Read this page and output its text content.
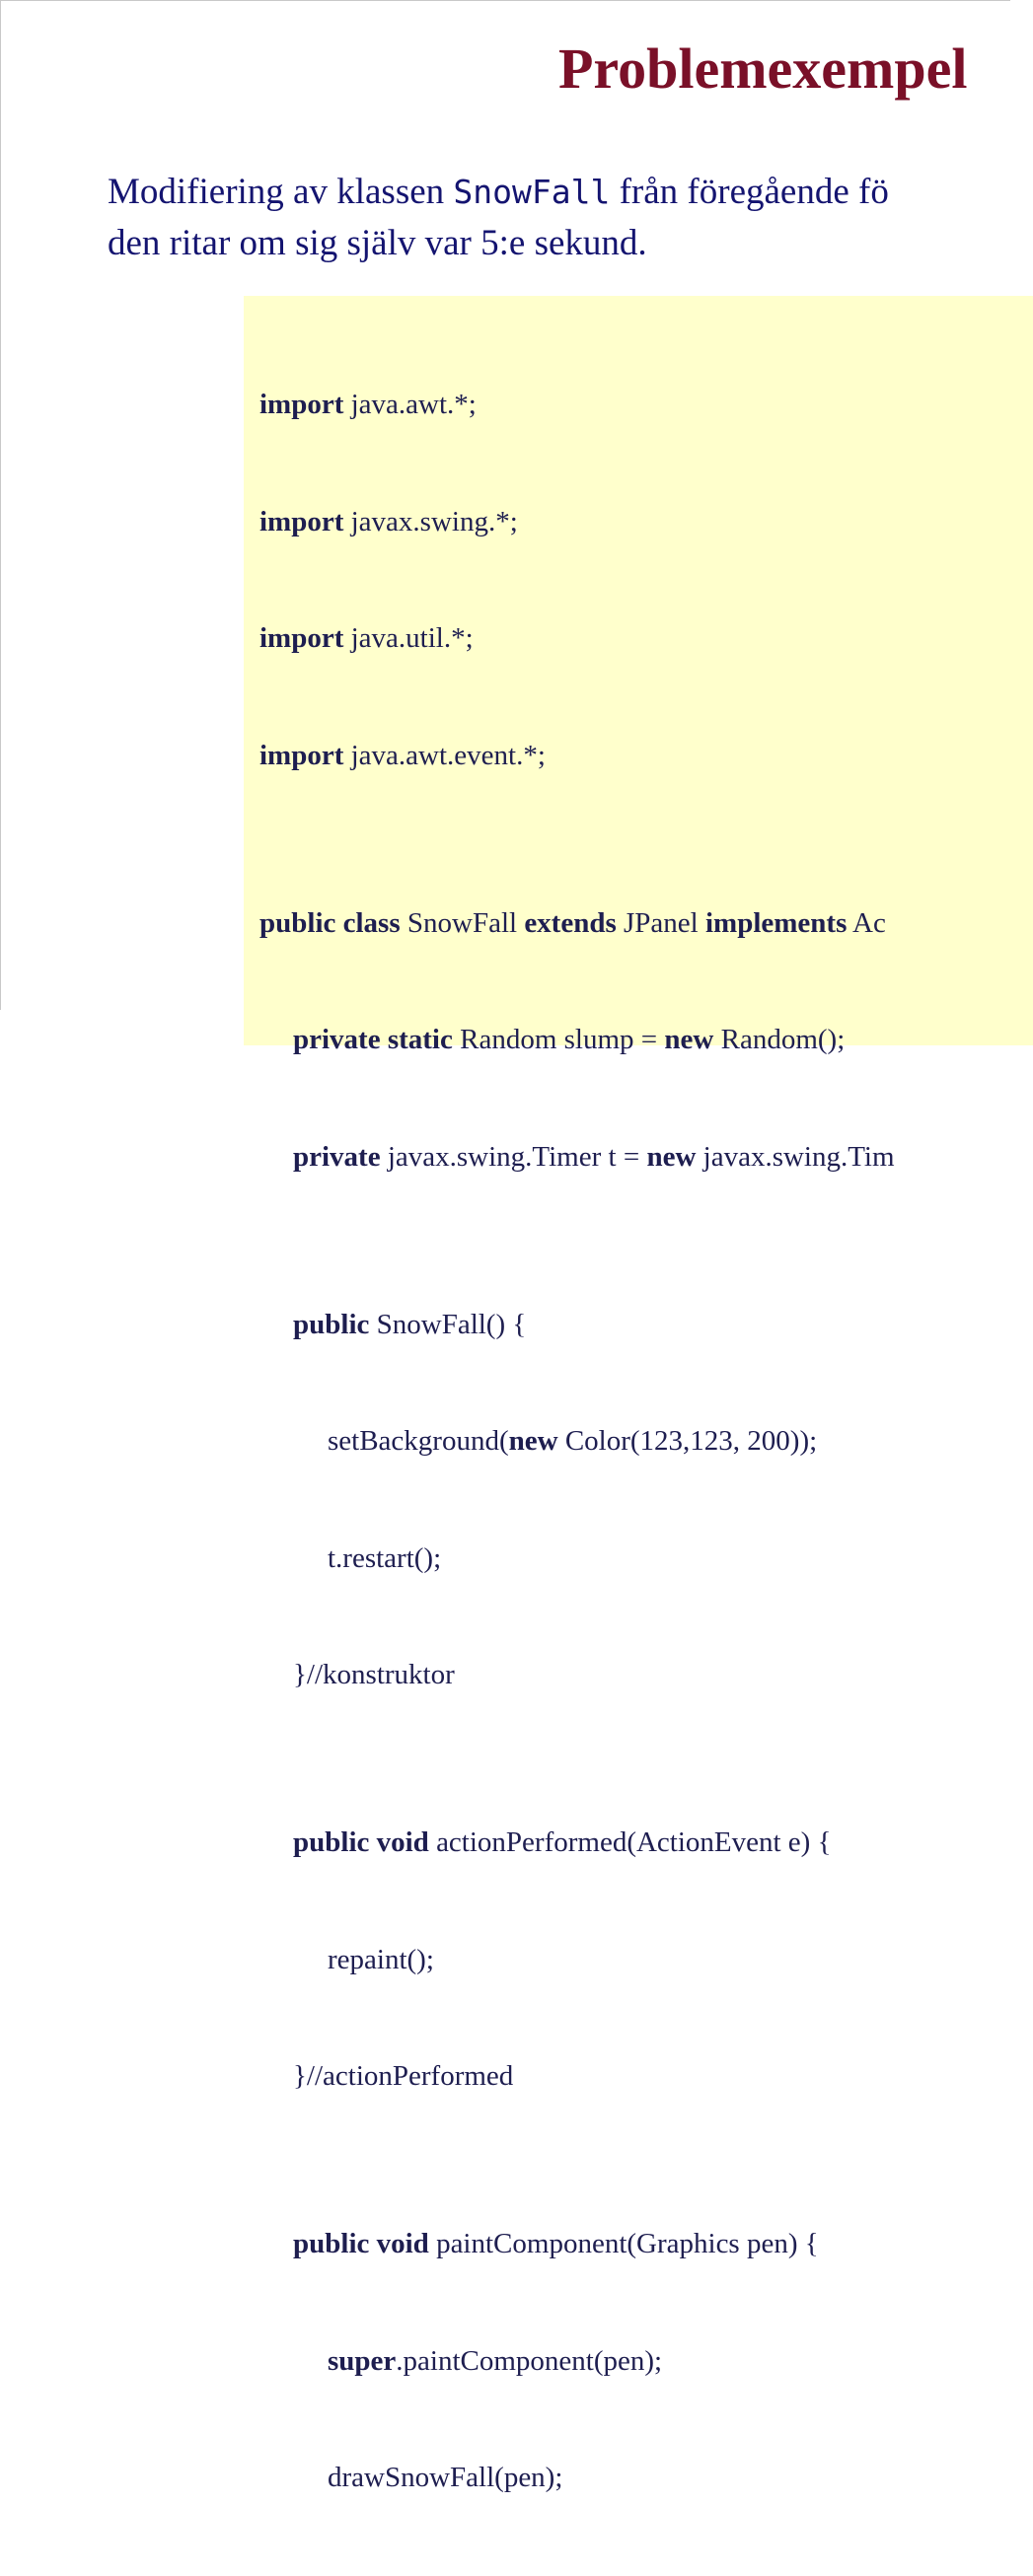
Problemexempel
Modifiering av klassen SnowFall från föregående fö
den ritar om sig själv var 5:e sekund.

import java.awt.*;

import javax.swing.*;

import java.util.*;

import java.awt.event.*;

public class SnowFall extends JPanel implements Ac

private static Random slump = new Random();

private javax.swing.Timer t = new javax.swing.Tim

public SnowFall() {

setBackground(new Color(123,123, 200));

t.restart();

}//konstruktor

public void actionPerformed(ActionEvent e) {

repaint();

}//actionPerformed

public void paintComponent(Graphics pen) {

super.paintComponent(pen);

drawSnowFall(pen);
